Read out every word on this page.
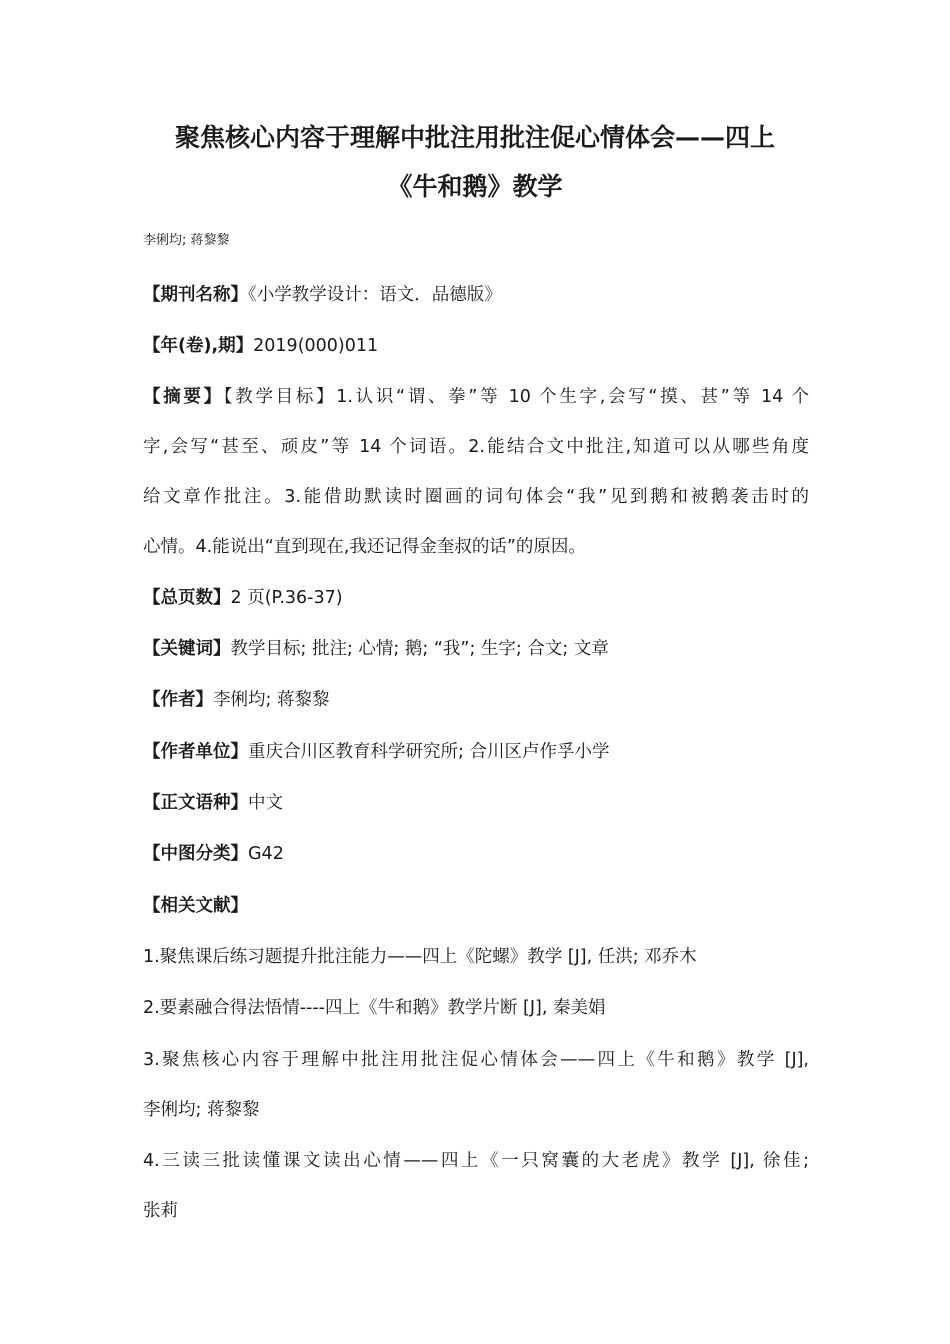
聚焦核心内容于理解中批注用批注促心情体会——四上
《牛和鹅》教学
李俐均; 蒋黎黎
【期刊名称】《小学教学设计：语文．品德版》
【年(卷),期】2019(000)011
【摘要】【教学目标】1.认识“谓、拳”等 10 个生字,会写“摸、甚”等 14 个
字,会写“甚至、顽皮”等 14 个词语。2.能结合文中批注,知道可以从哪些角度
给文章作批注。3.能借助默读时圈画的词句体会“我”见到鹅和被鹅袭击时的
心情。4.能说出“直到现在,我还记得金奎叔的话”的原因。
【总页数】2 页(P.36-37)
【关键词】教学目标; 批注; 心情; 鹅; “我”; 生字; 合文; 文章
【作者】李俐均; 蒋黎黎
【作者单位】重庆合川区教育科学研究所; 合川区卢作孚小学
【正文语种】中文
【中图分类】G42
【相关文献】
1.聚焦课后练习题提升批注能力——四上《陀螺》教学 [J], 任洪; 邓乔木
2.要素融合得法悟情----四上《牛和鹅》教学片断 [J], 秦美娟
3.聚焦核心内容于理解中批注用批注促心情体会——四上《牛和鹅》教学 [J],
李俐均; 蒋黎黎
4.三读三批读懂课文读出心情——四上《一只窝囊的大老虎》教学 [J], 徐佳;
张莉
